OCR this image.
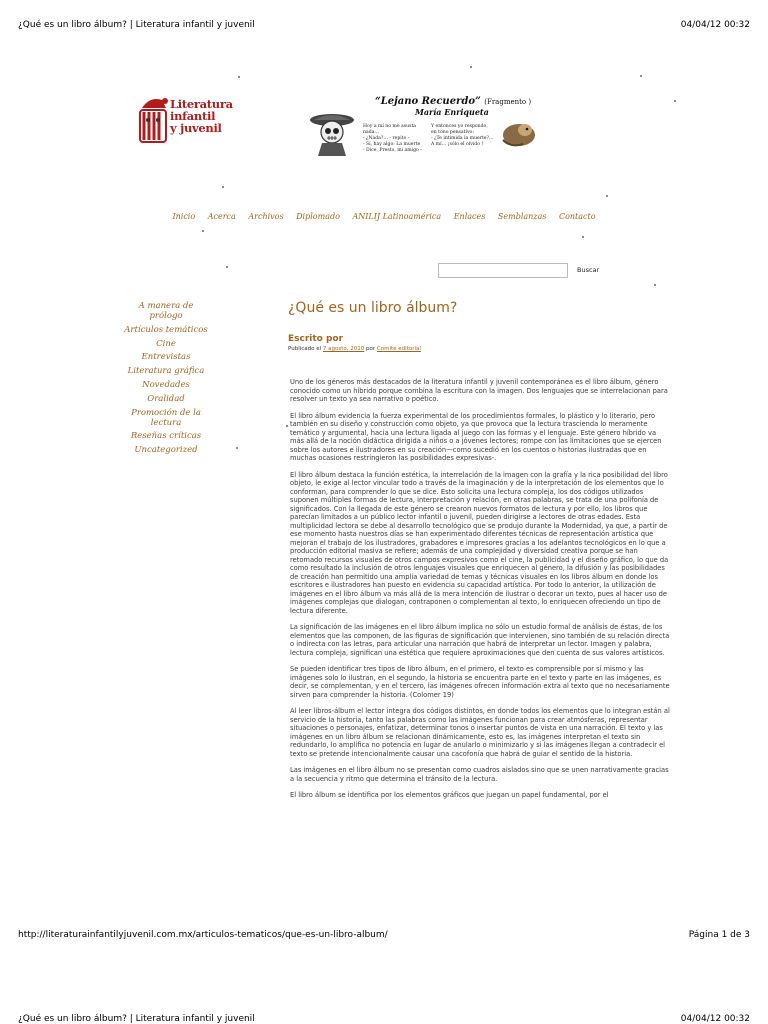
¿Qué es un libro álbum? | Literatura infantil y juvenil	04/04/12 00:32
Literatura
infantil
y juvenil
“Lejano Recuerdo” (Fragmento )
María Enriqueta
Hoy a mí no me asusta
nada…
- ¿Nada?… - repito -
- Sí, hay algo: La muerte
- Dice, Presto, mi amigo -
Y entonces yo respondo,
en tono pensativo:
- ¿Te intimida la muerte?…
A mí… ¡sólo el olvido !
Inicio Acerca Archivos Diplomado ANILIJ Latinoamérica Enlaces Semblanzas Contacto
Buscar
A manera de
prólogo
Artículos temáticos
Cine
Entrevistas
Literatura gráfica
Novedades
Oralidad
Promoción de la
lectura
Reseñas críticas
Uncategorized
¿Qué es un libro álbum?
Escrito por
Publicado el 7 agosto, 2010 por Comité editorial

Uno de los géneros más destacados de la literatura infantil y juvenil contemporánea es el libro álbum, género conocido como un híbrido porque combina la escritura con la imagen. Dos lenguajes que se interrelacionan para resolver un texto ya sea narrativo o poético.

El libro álbum evidencia la fuerza experimental de los procedimientos formales, lo plástico y lo literario, pero también en su diseño y construcción como objeto, ya que provoca que la lectura trascienda lo meramente temático y argumental, hacia una lectura ligada al juego con las formas y el lenguaje. Este género híbrido va más allá de la noción didáctica dirigida a niños o a jóvenes lectores; rompe con las limitaciones que se ejercen sobre los autores e ilustradores en su creación—como sucedió en los cuentos o historias ilustradas que en muchas ocasiones restringieron las posibilidades expresivas-.

El libro álbum destaca la función estética, la interrelación de la imagen con la grafía y la rica posibilidad del libro objeto, le exige al lector vincular todo a través de la imaginación y de la interpretación de los elementos que lo conforman, para comprender lo que se dice. Esto solicita una lectura compleja, los dos códigos utilizados suponen múltiples formas de lectura, interpretación y relación, en otras palabras, se trata de una polifonía de significados. Con la llegada de este género se crearon nuevos formatos de lectura y por ello, los libros que parecían limitados a un público lector infantil o juvenil, pueden dirigirse a lectores de otras edades. Esta multiplicidad lectora se debe al desarrollo tecnológico que se produjo durante la Modernidad, ya que, a partir de ese momento hasta nuestros días se han experimentado diferentes técnicas de representación artística que mejoran el trabajo de los ilustradores, grabadores e impresores gracias a los adelantos tecnológicos en lo que a producción editorial masiva se refiere; además de una complejidad y diversidad creativa porque se han retomado recursos visuales de otros campos expresivos como el cine, la publicidad y el diseño gráfico, lo que da como resultado la inclusión de otros lenguajes visuales que enriquecen al género, la difusión y las posibilidades de creación han permitido una amplia variedad de temas y técnicas visuales en los libros álbum en donde los escritores e ilustradores han puesto en evidencia su capacidad artística. Por todo lo anterior, la utilización de imágenes en el libro álbum va más allá de la mera intención de ilustrar o decorar un texto, pues al hacer uso de imágenes complejas que dialogan, contraponen o complementan al texto, lo enriquecen ofreciendo un tipo de lectura diferente.

La significación de las imágenes en el libro álbum implica no sólo un estudio formal de análisis de éstas, de los elementos que las componen, de las figuras de significación que intervienen, sino también de su relación directa o indirecta con las letras, para articular una narración que habrá de interpretar un lector. Imagen y palabra, lectura compleja, significan una estética que requiere aproximaciones que den cuenta de sus valores artísticos.

Se pueden identificar tres tipos de libro álbum, en el primero, el texto es comprensible por sí mismo y las imágenes solo lo ilustran, en el segundo, la historia se encuentra parte en el texto y parte en las imágenes, es decir, se complementan, y en el tercero, las imágenes ofrecen información extra al texto que no necesariamente sirven para comprender la historia. (Colomer 19)

Al leer libros-álbum el lector integra dos códigos distintos, en donde todos los elementos que lo integran están al servicio de la historia, tanto las palabras como las imágenes funcionan para crear atmósferas, representar situaciones o personajes, enfatizar, determinar tonos o insertar puntos de vista en una narración. El texto y las imágenes en un libro álbum se relacionan dinámicamente, esto es, las imágenes interpretan el texto sin redundarlo, lo amplifica no potencia en lugar de anularlo o minimizarlo y si las imágenes llegan a contradecir el texto se pretende intencionalmente causar una cacofonía que habrá de guiar el sentido de la historia.

Las imágenes en el libro álbum no se presentan como cuadros aislados sino que se unen narrativamente gracias a la secuencia y ritmo que determina el tránsito de la lectura.

El libro álbum se identifica por los elementos gráficos que juegan un papel fundamental, por el

http://literaturainfantilyjuvenil.com.mx/articulos-tematicos/que-es-un-libro-album/	Página 1 de 3
¿Qué es un libro álbum? | Literatura infantil y juvenil	04/04/12 00:32
